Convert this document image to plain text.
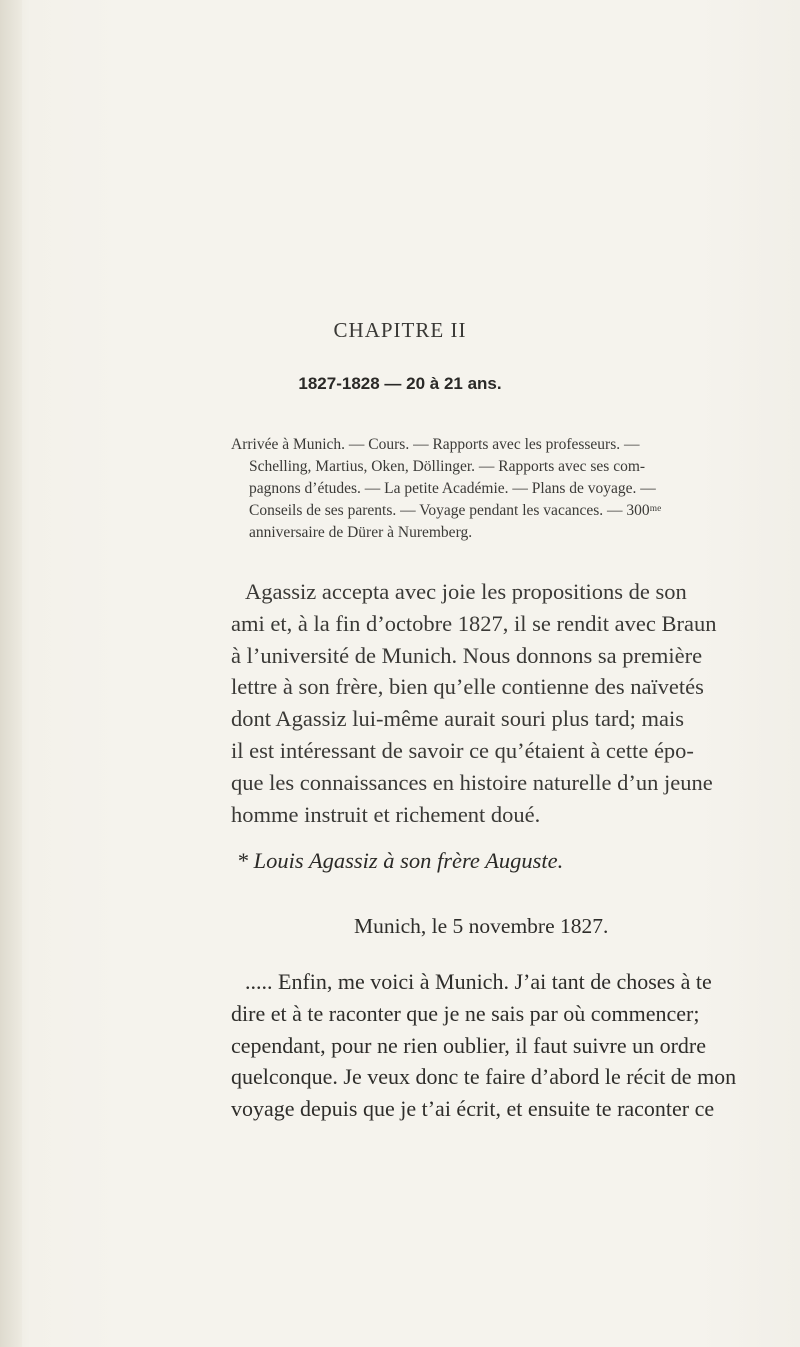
CHAPITRE II
1827-1828 — 20 à 21 ans.
Arrivée à Munich. — Cours. — Rapports avec les professeurs. —
Schelling, Martius, Oken, Döllinger. — Rapports avec ses com-
pagnons d’études. — La petite Académie. — Plans de voyage. —
Conseils de ses parents. — Voyage pendant les vacances. — 300ᵐᵉ
anniversaire de Dürer à Nuremberg.
Agassiz accepta avec joie les propositions de son
ami et, à la fin d’octobre 1827, il se rendit avec Braun
à l’université de Munich. Nous donnons sa première
lettre à son frère, bien qu’elle contienne des naïvetés
dont Agassiz lui-même aurait souri plus tard; mais
il est intéressant de savoir ce qu’étaient à cette épo-
que les connaissances en histoire naturelle d’un jeune
homme instruit et richement doué.
* Louis Agassiz à son frère Auguste.
Munich, le 5 novembre 1827.
..... Enfin, me voici à Munich. J’ai tant de choses à te
dire et à te raconter que je ne sais par où commencer;
cependant, pour ne rien oublier, il faut suivre un ordre
quelconque. Je veux donc te faire d’abord le récit de mon
voyage depuis que je t’ai écrit, et ensuite te raconter ce
